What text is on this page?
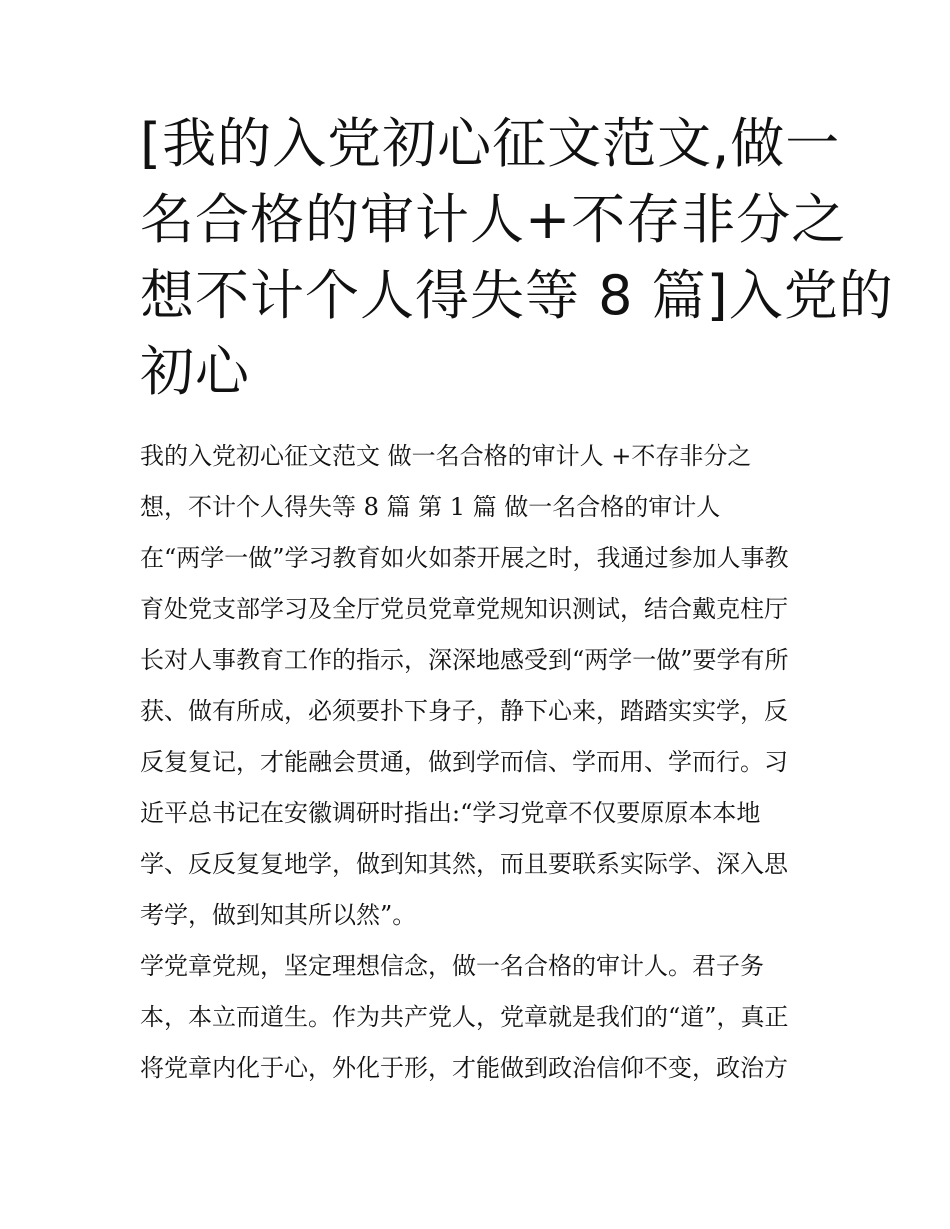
[我的入党初心征文范文,做一
名合格的审计人+不存非分之
想不计个人得失等 8 篇]入党的
初心
我的入党初心征文范文 做一名合格的审计人 +不存非分之
想，不计个人得失等 8 篇 第 1 篇 做一名合格的审计人
在“两学一做”学习教育如火如荼开展之时，我通过参加人事教
育处党支部学习及全厅党员党章党规知识测试，结合戴克柱厅
长对人事教育工作的指示，深深地感受到“两学一做”要学有所
获、做有所成，必须要扑下身子，静下心来，踏踏实实学，反
反复复记，才能融会贯通，做到学而信、学而用、学而行。习
近平总书记在安徽调研时指出:“学习党章不仅要原原本本地
学、反反复复地学，做到知其然，而且要联系实际学、深入思
考学，做到知其所以然”。
学党章党规，坚定理想信念，做一名合格的审计人。君子务
本，本立而道生。作为共产党人，党章就是我们的“道”，真正
将党章内化于心，外化于形，才能做到政治信仰不变，政治方
